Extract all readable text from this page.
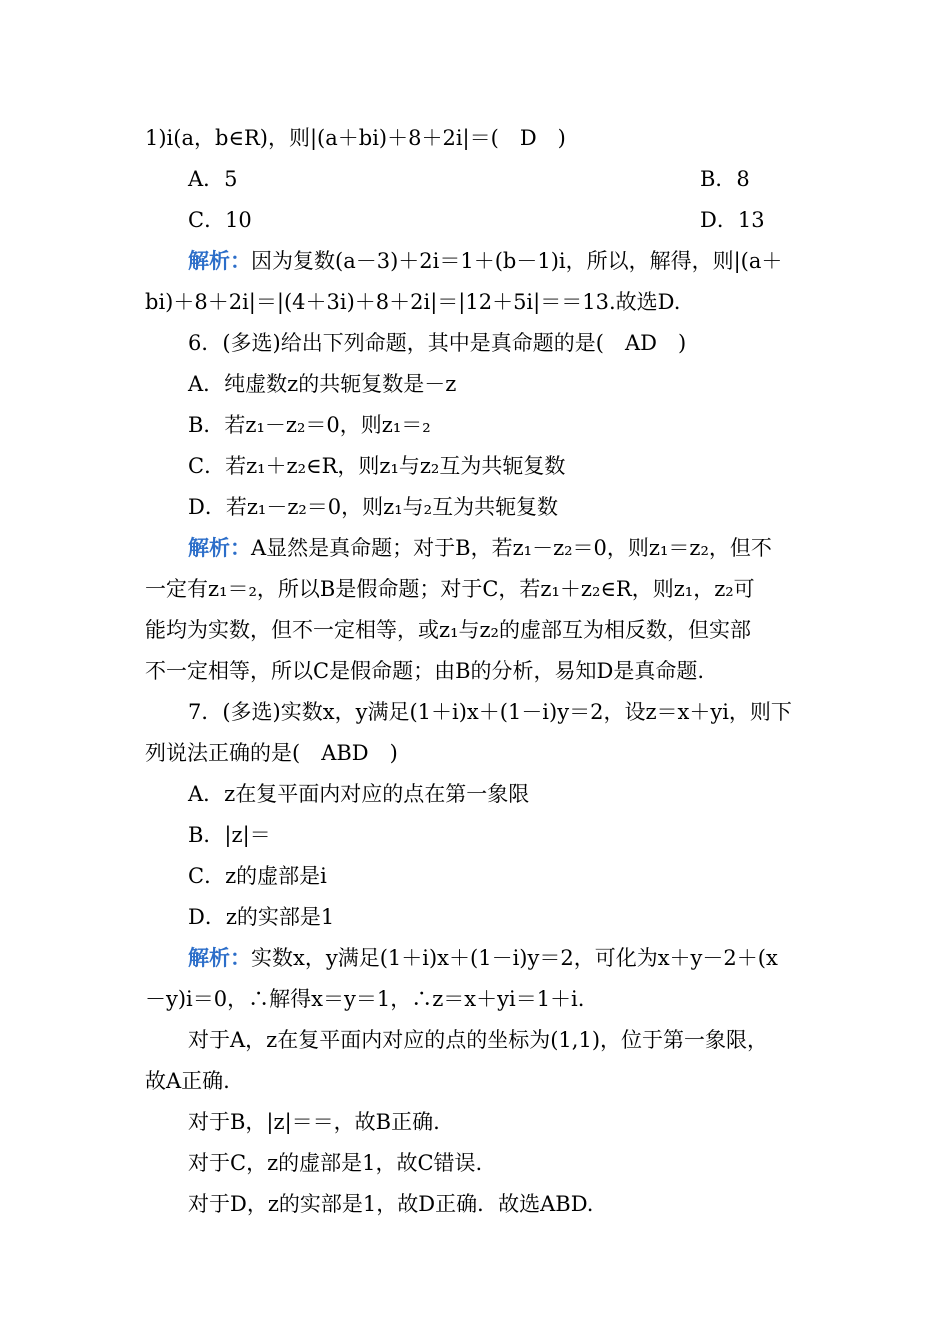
1)i(a，b∈R)，则|(a＋bi)＋8＋2i|＝(　D　)
A．5	B．8
C．10	D．13
解析：因为复数(a－3)＋2i＝1＋(b－1)i，所以，解得，则|(a＋
bi)＋8＋2i|＝|(4＋3i)＋8＋2i|＝|12＋5i|＝＝13.故选D.
6．(多选)给出下列命题，其中是真命题的是(　AD　)
A．纯虚数z的共轭复数是－z
B．若z₁－z₂＝0，则z₁＝₂
C．若z₁＋z₂∈R，则z₁与z₂互为共轭复数
D．若z₁－z₂＝0，则z₁与₂互为共轭复数
解析：A显然是真命题；对于B，若z₁－z₂＝0，则z₁＝z₂，但不
一定有z₁＝₂，所以B是假命题；对于C，若z₁＋z₂∈R，则z₁，z₂可
能均为实数，但不一定相等，或z₁与z₂的虚部互为相反数，但实部
不一定相等，所以C是假命题；由B的分析，易知D是真命题.
7．(多选)实数x，y满足(1＋i)x＋(1－i)y＝2，设z＝x＋yi，则下
列说法正确的是(　ABD　)
A．z在复平面内对应的点在第一象限
B．|z|＝
C．z的虚部是i
D．z的实部是1
解析：实数x，y满足(1＋i)x＋(1－i)y＝2，可化为x＋y－2＋(x
－y)i＝0，∴解得x＝y＝1，∴z＝x＋yi＝1＋i.
对于A，z在复平面内对应的点的坐标为(1,1)，位于第一象限，
故A正确.
对于B，|z|＝＝，故B正确.
对于C，z的虚部是1，故C错误.
对于D，z的实部是1，故D正确．故选ABD.
